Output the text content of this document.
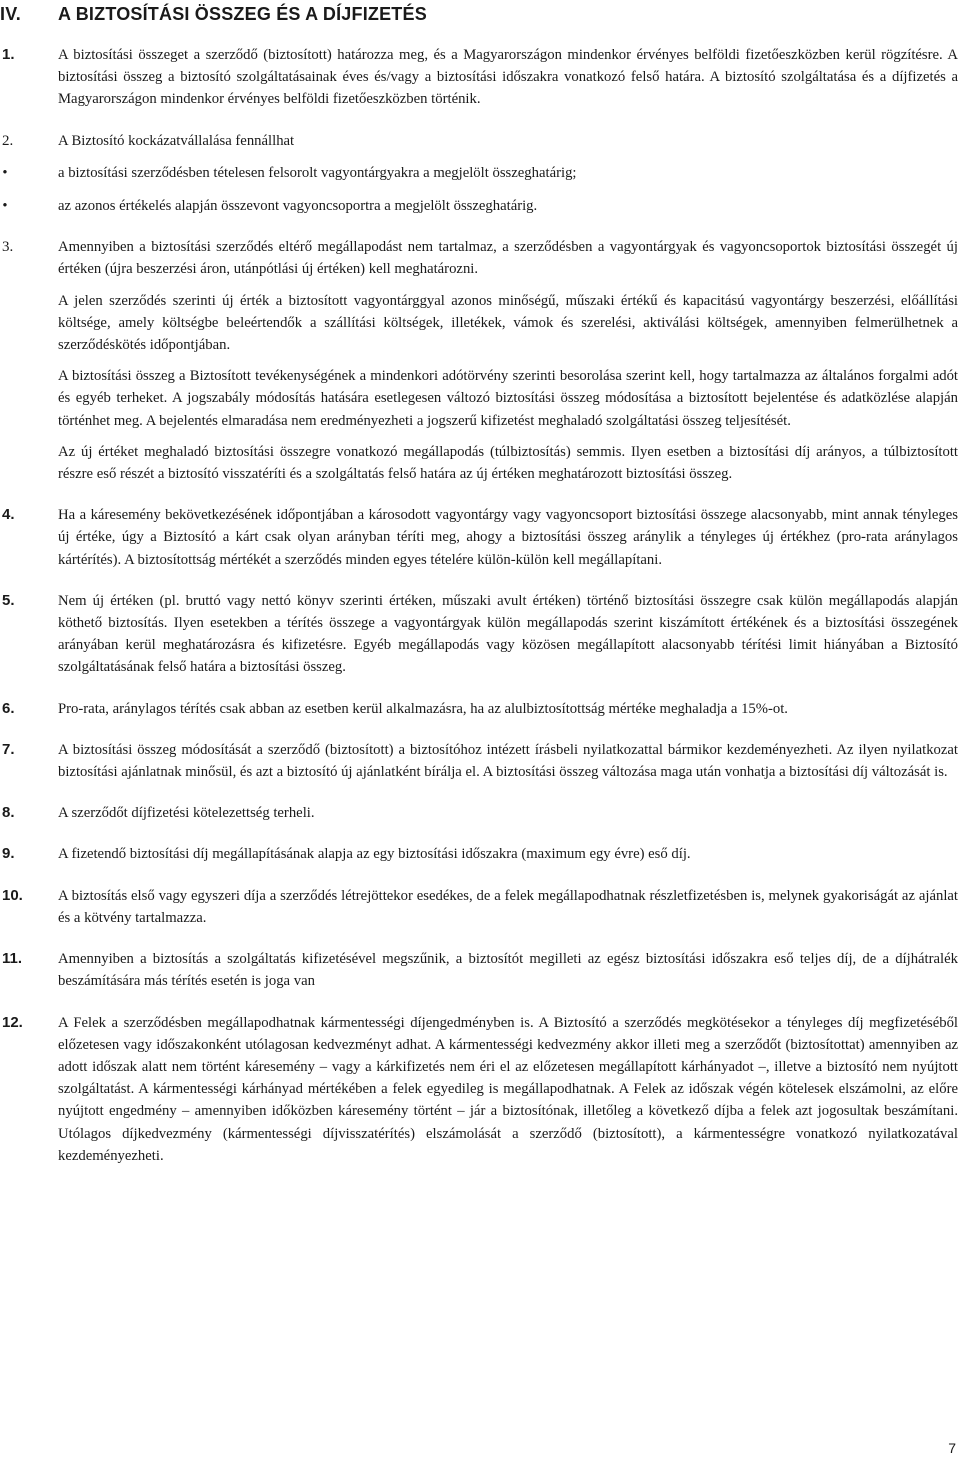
IV. A BIZTOSÍTÁSI ÖSSZEG ÉS A DÍJFIZETÉS
1.	A biztosítási összeget a szerződő (biztosított) határozza meg, és a Magyarországon mindenkor érvényes belföldi fizetőeszközben kerül rögzítésre. A biztosítási összeg a biztosító szolgáltatásainak éves és/vagy a biztosítási időszakra vonatkozó felső határa. A biztosító szolgáltatása és a díjfizetés a Magyarországon mindenkor érvényes belföldi fizetőeszközben történik.

2.	A Biztosító kockázatvállalása fennállhat

•	a biztosítási szerződésben tételesen felsorolt vagyontárgyakra a megjelölt összeghatárig;
•	az azonos értékelés alapján összevont vagyoncsoportra a megjelölt összeghatárig.
3.	Amennyiben a biztosítási szerződés eltérő megállapodást nem tartalmaz, a szerződésben a vagyontárgyak és vagyoncsoportok biztosítási összegét új értéken (újra beszerzési áron, utánpótlási új értéken) kell meghatározni.

A jelen szerződés szerinti új érték a biztosított vagyontárggyal azonos minőségű, műszaki értékű és kapacitású vagyontárgy beszerzési, előállítási költsége, amely költségbe beleértendők a szállítási költségek, illetékek, vámok és szerelési, aktiválási költségek, amennyiben felmerülhetnek a szerződéskötés időpontjában.

A biztosítási összeg a Biztosított tevékenységének a mindenkori adótörvény szerinti besorolása szerint kell, hogy tartalmazza az általános forgalmi adót és egyéb terheket. A jogszabály módosítás hatására esetlegesen változó biztosítási összeg módosítása a biztosított bejelentése és adatközlése alapján történhet meg. A bejelentés elmaradása nem eredményezheti a jogszerű kifizetést meghaladó szolgáltatási összeg teljesítését.

Az új értéket meghaladó biztosítási összegre vonatkozó megállapodás (túlbiztosítás) semmis. Ilyen esetben a biztosítási díj arányos, a túlbiztosított részre eső részét a biztosító visszatéríti és a szolgáltatás felső határa az új értéken meghatározott biztosítási összeg.

4.	Ha a káresemény bekövetkezésének időpontjában a károsodott vagyontárgy vagy vagyoncsoport biztosítási összege alacsonyabb, mint annak tényleges új értéke, úgy a Biztosító a kárt csak olyan arányban téríti meg, ahogy a biztosítási összeg aránylik a tényleges új értékhez (pro-rata aránylagos kártérítés). A biztosítottság mértékét a szerződés minden egyes tételére külön-külön kell megállapítani.

5.	Nem új értéken (pl. bruttó vagy nettó könyv szerinti értéken, műszaki avult értéken) történő biztosítási összegre csak külön megállapodás alapján köthető biztosítás. Ilyen esetekben a térítés összege a vagyontárgyak külön megállapodás szerint kiszámított értékének és a biztosítási összegének arányában kerül meghatározásra és kifizetésre. Egyéb megállapodás vagy közösen megállapított alacsonyabb térítési limit hiányában a Biztosító szolgáltatásának felső határa a biztosítási összeg.

6.	Pro-rata, aránylagos térítés csak abban az esetben kerül alkalmazásra, ha az alulbiztosítottság mértéke meghaladja a 15%-ot.

7.	A biztosítási összeg módosítását a szerződő (biztosított) a biztosítóhoz intézett írásbeli nyilatkozattal bármikor kezdeményezheti. Az ilyen nyilatkozat biztosítási ajánlatnak minősül, és azt a biztosító új ajánlatként bírálja el. A biztosítási összeg változása maga után vonhatja a biztosítási díj változását is.

8.	A szerződőt díjfizetési kötelezettség terheli.

9.	A fizetendő biztosítási díj megállapításának alapja az egy biztosítási időszakra (maximum egy évre) eső díj.

10.	A biztosítás első vagy egyszeri díja a szerződés létrejöttekor esedékes, de a felek megállapodhatnak részletfizetésben is, melynek gyakoriságát az ajánlat és a kötvény tartalmazza.

11.	Amennyiben a biztosítás a szolgáltatás kifizetésével megszűnik, a biztosítót megilleti az egész biztosítási időszakra eső teljes díj, de a díjhátralék beszámítására más térítés esetén is joga van

12.	A Felek a szerződésben megállapodhatnak kármentességi díjengedményben is. A Biztosító a szerződés megkötésekor a tényleges díj megfizetéséből előzetesen vagy időszakonként utólagosan kedvezményt adhat. A kármentességi kedvezmény akkor illeti meg a szerződőt (biztosítottat) amennyiben az adott időszak alatt nem történt káresemény – vagy a kárkifizetés nem éri el az előzetesen megállapított kárhányadot –, illetve a biztosító nem nyújtott szolgáltatást. A kármentességi kárhányad mértékében a felek egyedileg is megállapodhatnak. A Felek az időszak végén kötelesek elszámolni, az előre nyújtott engedmény – amennyiben időközben káresemény történt – jár a biztosítónak, illetőleg a következő díjba a felek azt jogosultak beszámítani. Utólagos díjkedvezmény (kármentességi díjvisszatérítés) elszámolását a szerződő (biztosított), a kármentességre vonatkozó nyilatkozatával kezdeményezheti.

7
